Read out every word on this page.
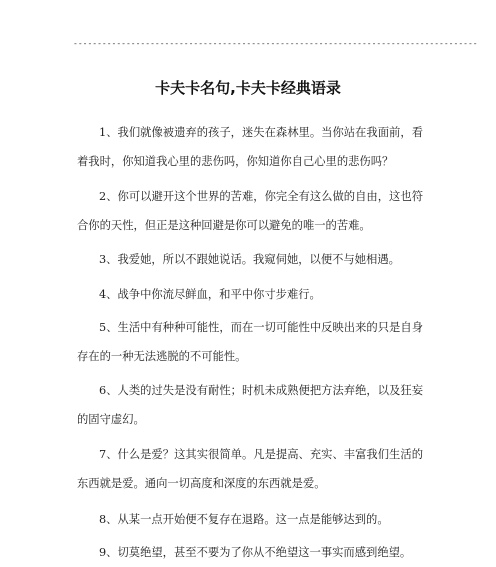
------------------------------------------------------------------------------------
卡夫卡名句,卡夫卡经典语录
1、我们就像被遗弃的孩子，迷失在森林里。当你站在我面前，看着我时，你知道我心里的悲伤吗，你知道你自己心里的悲伤吗？
2、你可以避开这个世界的苦难，你完全有这么做的自由，这也符合你的天性，但正是这种回避是你可以避免的唯一的苦难。
3、我爱她，所以不跟她说话。我窥伺她，以便不与她相遇。
4、战争中你流尽鲜血，和平中你寸步难行。
5、生活中有种种可能性，而在一切可能性中反映出来的只是自身存在的一种无法逃脱的不可能性。
6、人类的过失是没有耐性；时机未成熟便把方法弃绝，以及狂妄的固守虚幻。
7、什么是爱？这其实很简单。凡是提高、充实、丰富我们生活的东西就是爱。通向一切高度和深度的东西就是爱。
8、从某一点开始便不复存在退路。这一点是能够达到的。
9、切莫绝望，甚至不要为了你从不绝望这一事实而感到绝望。
